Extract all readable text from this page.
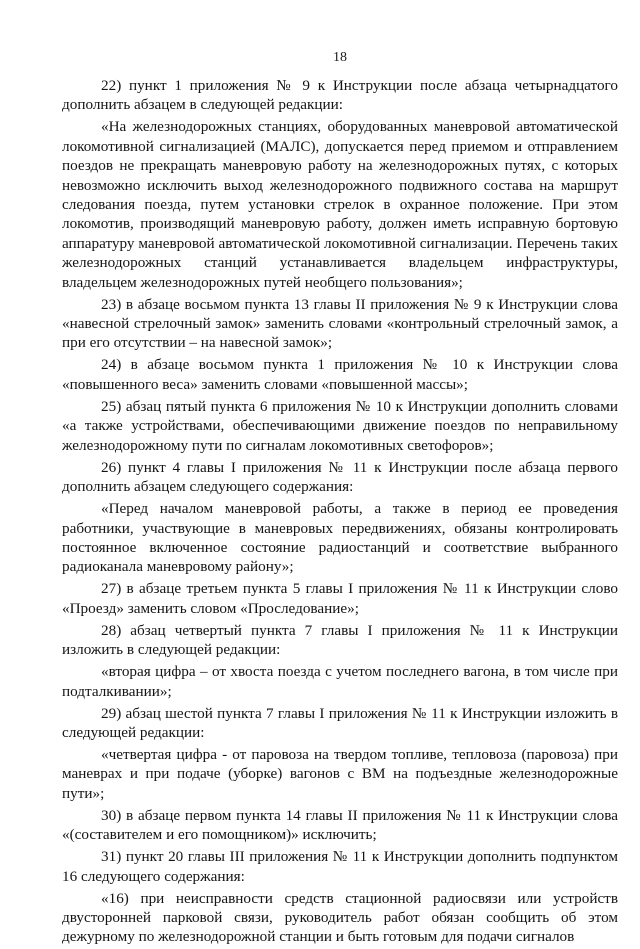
18

22) пункт 1 приложения № 9 к Инструкции после абзаца четырнадцатого дополнить абзацем в следующей редакции:

«На железнодорожных станциях, оборудованных маневровой автоматической локомотивной сигнализацией (МАЛС), допускается перед приемом и отправлением поездов не прекращать маневровую работу на железнодорожных путях, с которых невозможно исключить выход железнодорожного подвижного состава на маршрут следования поезда, путем установки стрелок в охранное положение. При этом локомотив, производящий маневровую работу, должен иметь исправную бортовую аппаратуру маневровой автоматической локомотивной сигнализации. Перечень таких железнодорожных станций устанавливается владельцем инфраструктуры, владельцем железнодорожных путей необщего пользования»;

23) в абзаце восьмом пункта 13 главы II приложения № 9 к Инструкции слова «навесной стрелочный замок» заменить словами «контрольный стрелочный замок, а при его отсутствии – на навесной замок»;

24) в абзаце восьмом пункта 1 приложения № 10 к Инструкции слова «повышенного веса» заменить словами «повышенной массы»;

25) абзац пятый пункта 6 приложения № 10 к Инструкции дополнить словами «а также устройствами, обеспечивающими движение поездов по неправильному железнодорожному пути по сигналам локомотивных светофоров»;

26) пункт 4 главы I приложения № 11 к Инструкции после абзаца первого дополнить абзацем следующего содержания:

«Перед началом маневровой работы, а также в период ее проведения работники, участвующие в маневровых передвижениях, обязаны контролировать постоянное включенное состояние радиостанций и соответствие выбранного радиоканала маневровому району»;

27) в абзаце третьем пункта 5 главы I приложения № 11 к Инструкции слово «Проезд» заменить словом «Проследование»;

28) абзац четвертый пункта 7 главы I приложения № 11 к Инструкции изложить в следующей редакции:

«вторая цифра – от хвоста поезда с учетом последнего вагона, в том числе при подталкивании»;

29) абзац шестой пункта 7 главы I приложения № 11 к Инструкции изложить в следующей редакции:

«четвертая цифра - от паровоза на твердом топливе, тепловоза (паровоза) при маневрах и при подаче (уборке) вагонов с ВМ на подъездные железнодорожные пути»;

30) в абзаце первом пункта 14 главы II приложения № 11 к Инструкции слова «(составителем и его помощником)» исключить;

31) пункт 20 главы III приложения № 11 к Инструкции дополнить подпунктом 16 следующего содержания:

«16) при неисправности средств стационной радиосвязи или устройств двусторонней парковой связи, руководитель работ обязан сообщить об этом дежурному по железнодорожной станции и быть готовым для подачи сигналов
